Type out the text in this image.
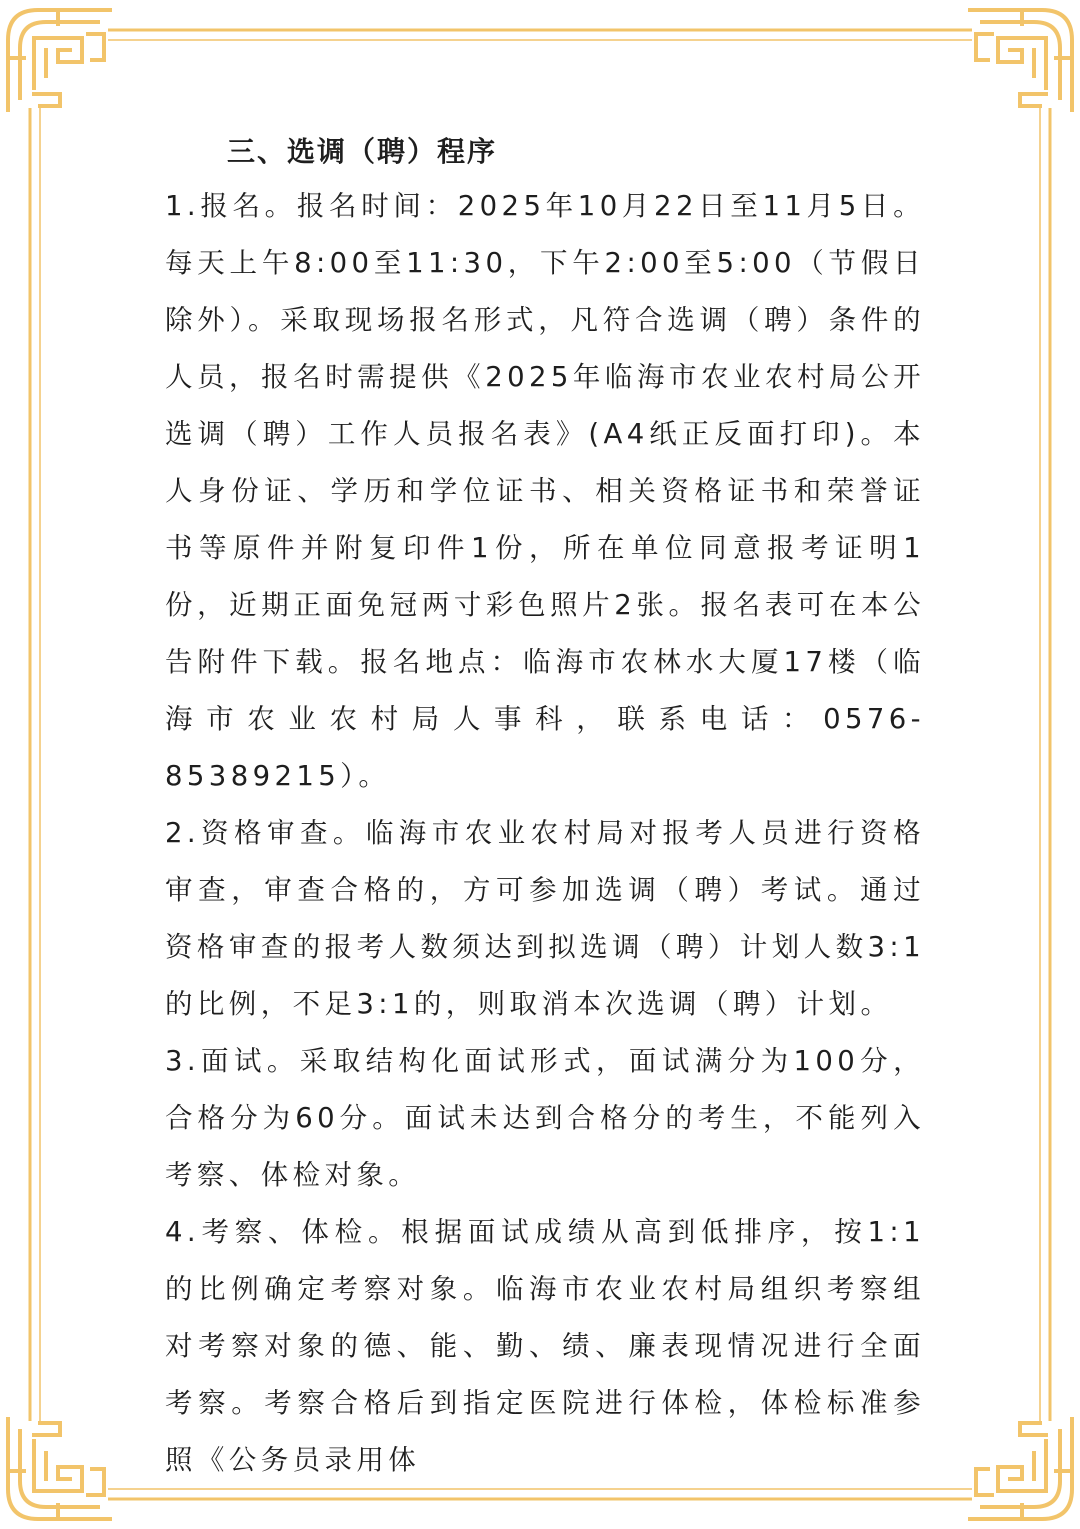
三、选调（聘）程序

1.报名。报名时间：2025年10月22日至11月5日。每天上午8:00至11:30，下午2:00至5:00（节假日除外）。采取现场报名形式，凡符合选调（聘）条件的人员，报名时需提供《2025年临海市农业农村局公开选调（聘）工作人员报名表》(A4纸正反面打印)。本人身份证、学历和学位证书、相关资格证书和荣誉证书等原件并附复印件1份，所在单位同意报考证明1份，近期正面免冠两寸彩色照片2张。报名表可在本公告附件下载。报名地点：临海市农林水大厦17楼（临海市农业农村局人事科，联系电话：0576-85389215）。

2.资格审查。临海市农业农村局对报考人员进行资格审查，审查合格的，方可参加选调（聘）考试。通过资格审查的报考人数须达到拟选调（聘）计划人数3:1的比例，不足3:1的，则取消本次选调（聘）计划。

3.面试。采取结构化面试形式，面试满分为100分，合格分为60分。面试未达到合格分的考生，不能列入考察、体检对象。

4.考察、体检。根据面试成绩从高到低排序，按1:1的比例确定考察对象。临海市农业农村局组织考察组对考察对象的德、能、勤、绩、廉表现情况进行全面考察。考察合格后到指定医院进行体检，体检标准参照《公务员录用体
